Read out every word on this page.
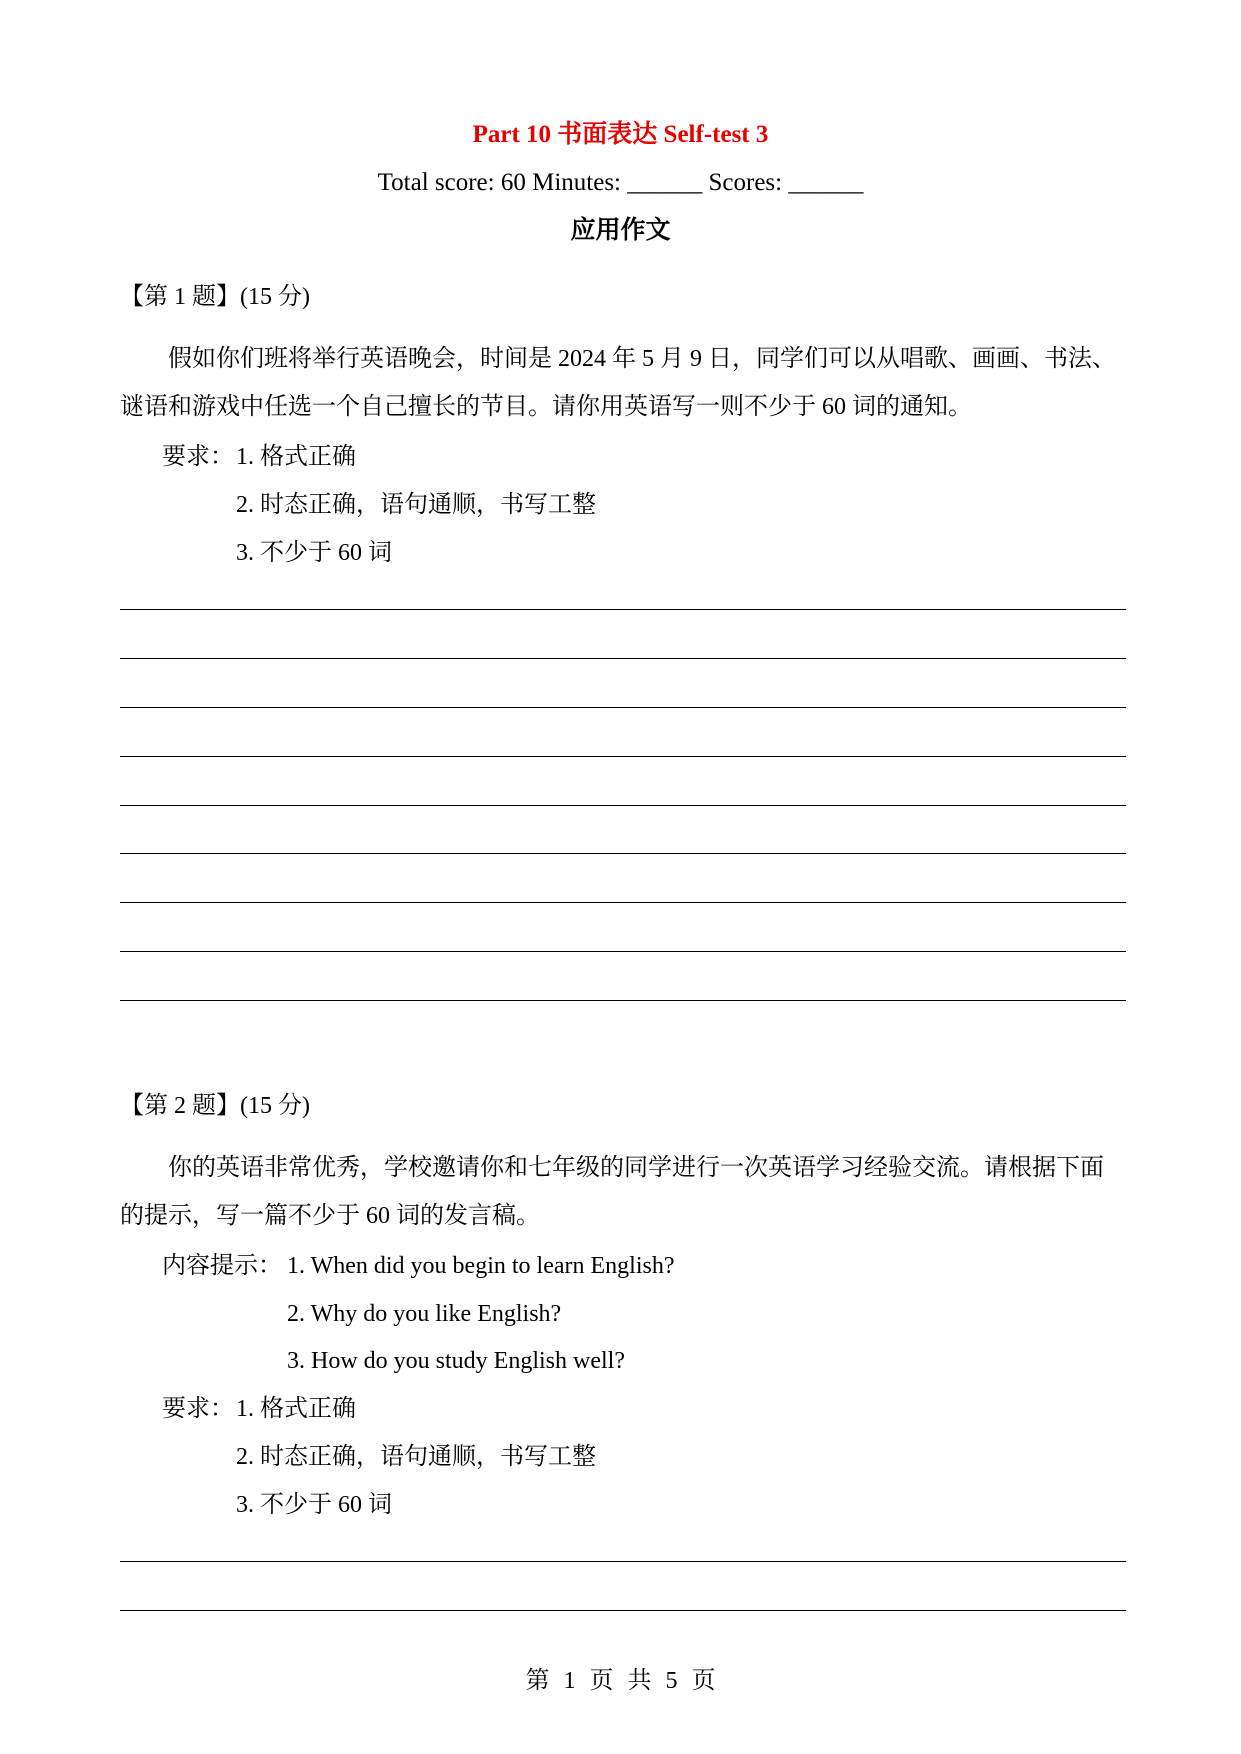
Part 10 书面表达 Self-test 3
Total score: 60 Minutes: ______ Scores: ______
应用作文
【第 1 题】(15 分)
假如你们班将举行英语晚会，时间是 2024 年 5 月 9 日，同学们可以从唱歌、画画、书法、谜语和游戏中任选一个自己擅长的节目。请你用英语写一则不少于 60 词的通知。
要求： 1. 格式正确
2. 时态正确，语句通顺，书写工整
3. 不少于 60 词
【第 2 题】(15 分)
你的英语非常优秀，学校邀请你和七年级的同学进行一次英语学习经验交流。请根据下面的提示，写一篇不少于 60 词的发言稿。
内容提示： 1. When did you begin to learn English?
2. Why do you like English?
3. How do you study English well?
要求： 1. 格式正确
2. 时态正确，语句通顺，书写工整
3. 不少于 60 词
第 1 页 共 5 页
